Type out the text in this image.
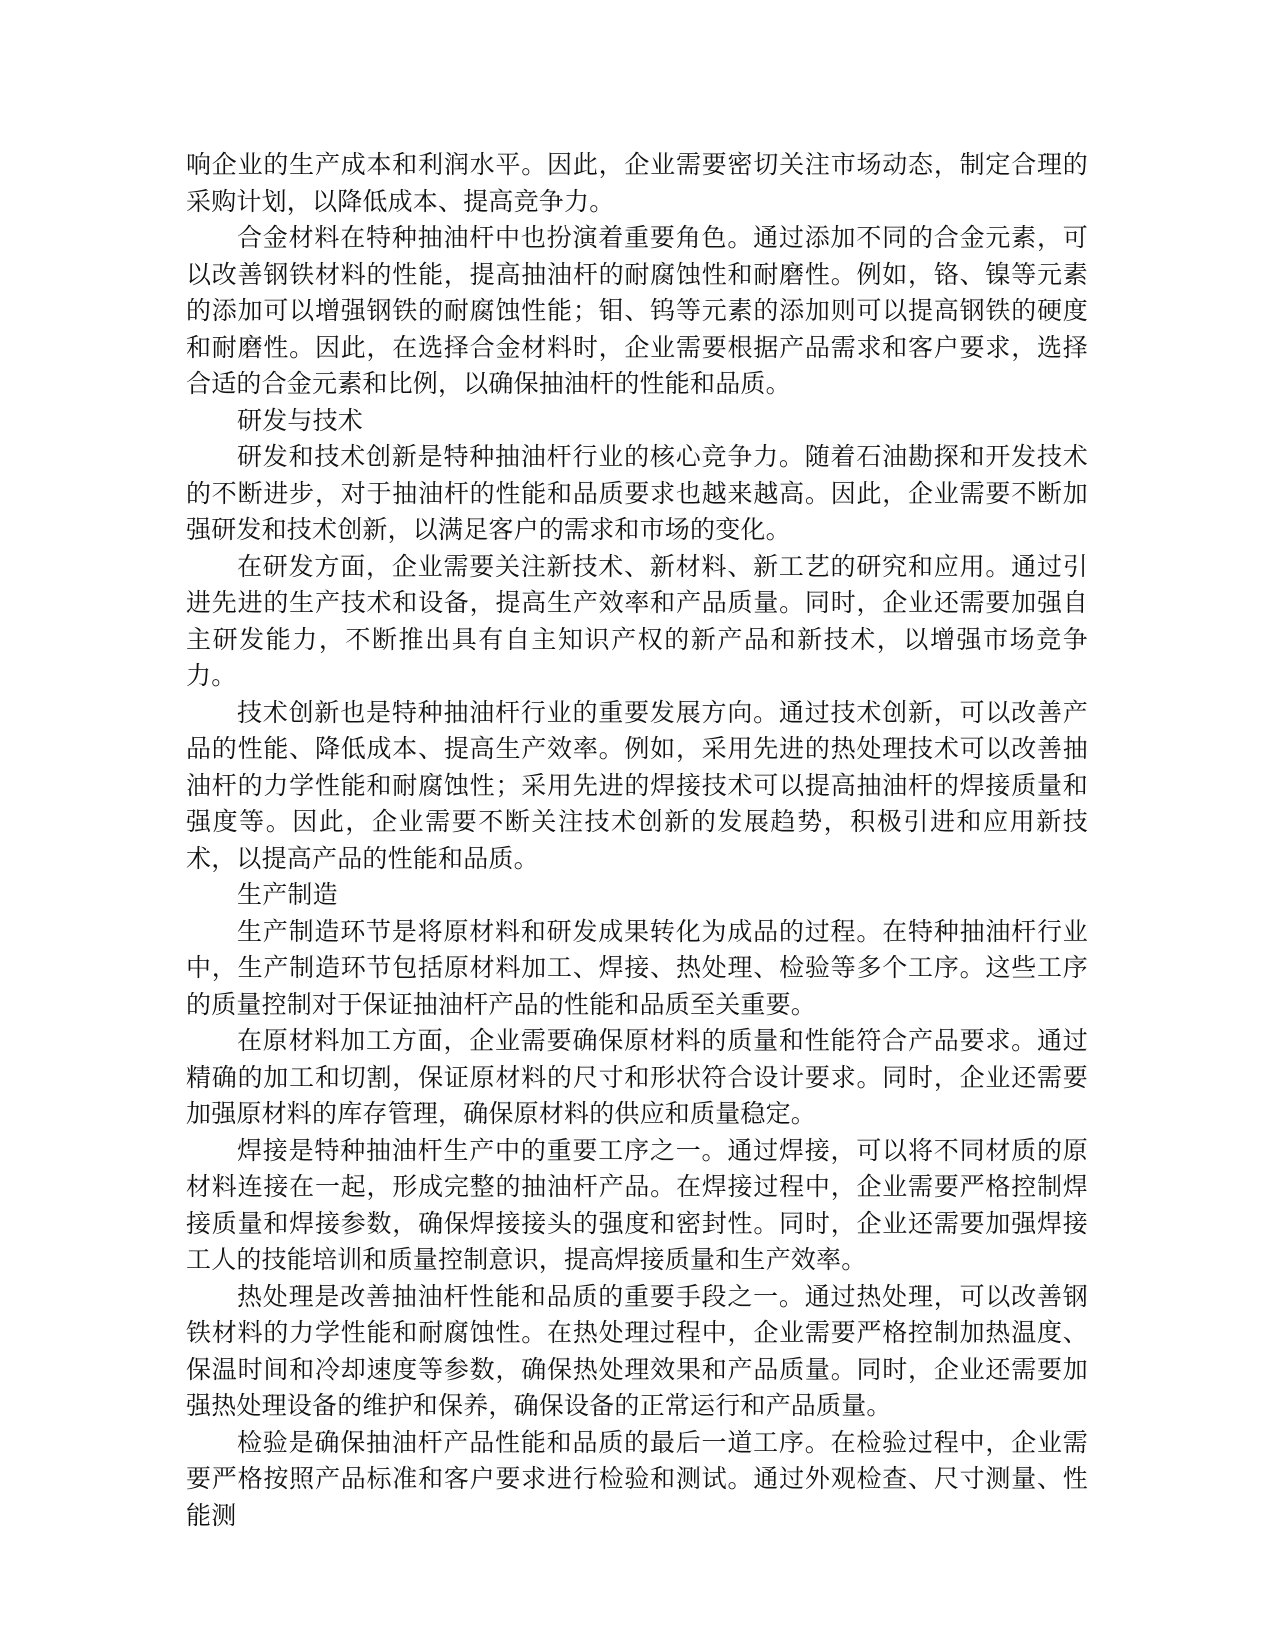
响企业的生产成本和利润水平。因此，企业需要密切关注市场动态，制定合理的采购计划，以降低成本、提高竞争力。

合金材料在特种抽油杆中也扮演着重要角色。通过添加不同的合金元素，可以改善钢铁材料的性能，提高抽油杆的耐腐蚀性和耐磨性。例如，铬、镍等元素的添加可以增强钢铁的耐腐蚀性能；钼、钨等元素的添加则可以提高钢铁的硬度和耐磨性。因此，在选择合金材料时，企业需要根据产品需求和客户要求，选择合适的合金元素和比例，以确保抽油杆的性能和品质。

研发与技术

研发和技术创新是特种抽油杆行业的核心竞争力。随着石油勘探和开发技术的不断进步，对于抽油杆的性能和品质要求也越来越高。因此，企业需要不断加强研发和技术创新，以满足客户的需求和市场的变化。

在研发方面，企业需要关注新技术、新材料、新工艺的研究和应用。通过引进先进的生产技术和设备，提高生产效率和产品质量。同时，企业还需要加强自主研发能力，不断推出具有自主知识产权的新产品和新技术，以增强市场竞争力。

技术创新也是特种抽油杆行业的重要发展方向。通过技术创新，可以改善产品的性能、降低成本、提高生产效率。例如，采用先进的热处理技术可以改善抽油杆的力学性能和耐腐蚀性；采用先进的焊接技术可以提高抽油杆的焊接质量和强度等。因此，企业需要不断关注技术创新的发展趋势，积极引进和应用新技术，以提高产品的性能和品质。

生产制造

生产制造环节是将原材料和研发成果转化为成品的过程。在特种抽油杆行业中，生产制造环节包括原材料加工、焊接、热处理、检验等多个工序。这些工序的质量控制对于保证抽油杆产品的性能和品质至关重要。

在原材料加工方面，企业需要确保原材料的质量和性能符合产品要求。通过精确的加工和切割，保证原材料的尺寸和形状符合设计要求。同时，企业还需要加强原材料的库存管理，确保原材料的供应和质量稳定。

焊接是特种抽油杆生产中的重要工序之一。通过焊接，可以将不同材质的原材料连接在一起，形成完整的抽油杆产品。在焊接过程中，企业需要严格控制焊接质量和焊接参数，确保焊接接头的强度和密封性。同时，企业还需要加强焊接工人的技能培训和质量控制意识，提高焊接质量和生产效率。

热处理是改善抽油杆性能和品质的重要手段之一。通过热处理，可以改善钢铁材料的力学性能和耐腐蚀性。在热处理过程中，企业需要严格控制加热温度、保温时间和冷却速度等参数，确保热处理效果和产品质量。同时，企业还需要加强热处理设备的维护和保养，确保设备的正常运行和产品质量。

检验是确保抽油杆产品性能和品质的最后一道工序。在检验过程中，企业需要严格按照产品标准和客户要求进行检验和测试。通过外观检查、尺寸测量、性能测
